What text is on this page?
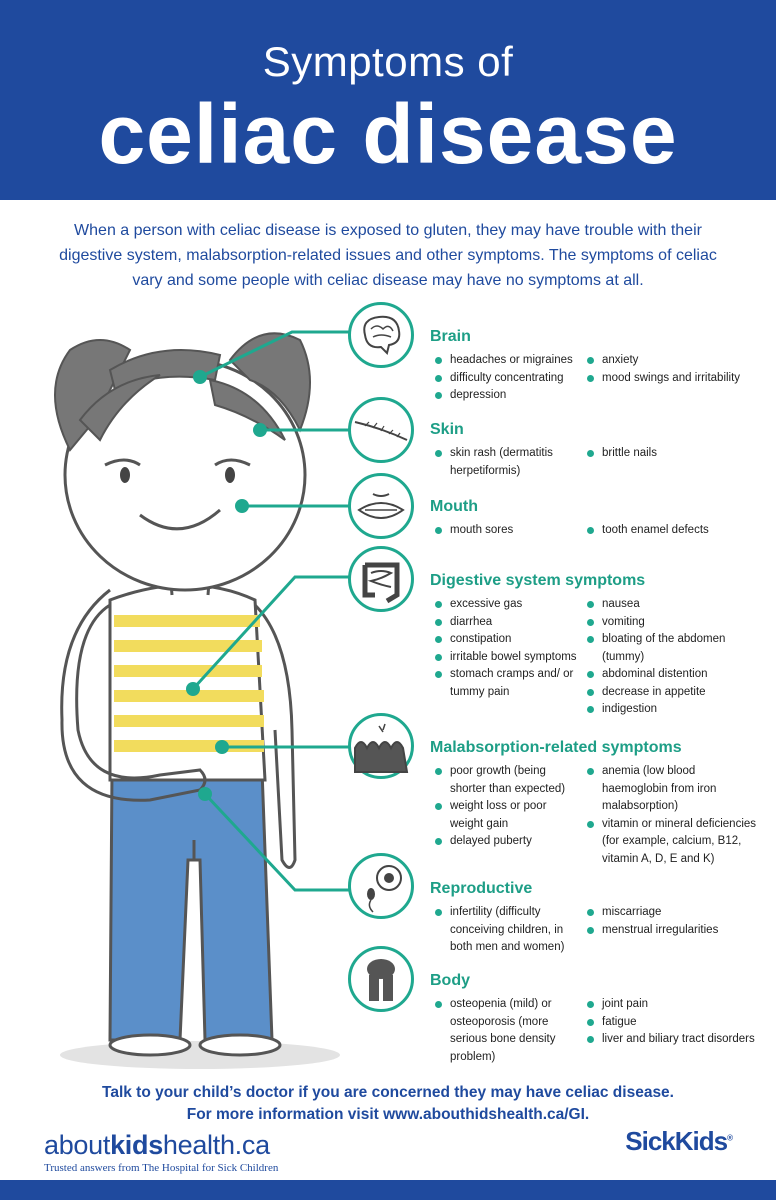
Symptoms of
celiac disease

When a person with celiac disease is exposed to gluten, they may have trouble with their digestive system, malabsorption-related issues and other symptoms. The symptoms of celiac vary and some people with celiac disease may have no symptoms at all.

Brain
headaches or migraines
difficulty concentrating
depression
anxiety
mood swings and irritability
Skin
skin rash (dermatitis herpetiformis)
brittle nails
Mouth
mouth sores	tooth enamel defects
Digestive system symptoms
excessive gas
diarrhea
constipation
irritable bowel symptoms
stomach cramps and/ or tummy pain
nausea
vomiting
bloating of the abdomen (tummy)
abdominal distention
decrease in appetite
indigestion
Malabsorption-related symptoms
poor growth (being shorter than expected)
weight loss or poor weight gain
delayed puberty
anemia (low blood haemoglobin from iron malabsorption)
vitamin or mineral deficiencies (for example, calcium, B12, vitamin A, D, E and K)
Reproductive
infertility (difficulty conceiving children, in both men and women)
miscarriage
menstrual irregularities
Body
osteopenia (mild) or osteoporosis (more serious bone density problem)
joint pain
fatigue
liver and biliary tract disorders
Talk to your child’s doctor if you are concerned they may have celiac disease.
For more information visit www.abouthidshealth.ca/GI.
aboutkidshealth.ca
Trusted answers from The Hospital for Sick Children
SickKids®
